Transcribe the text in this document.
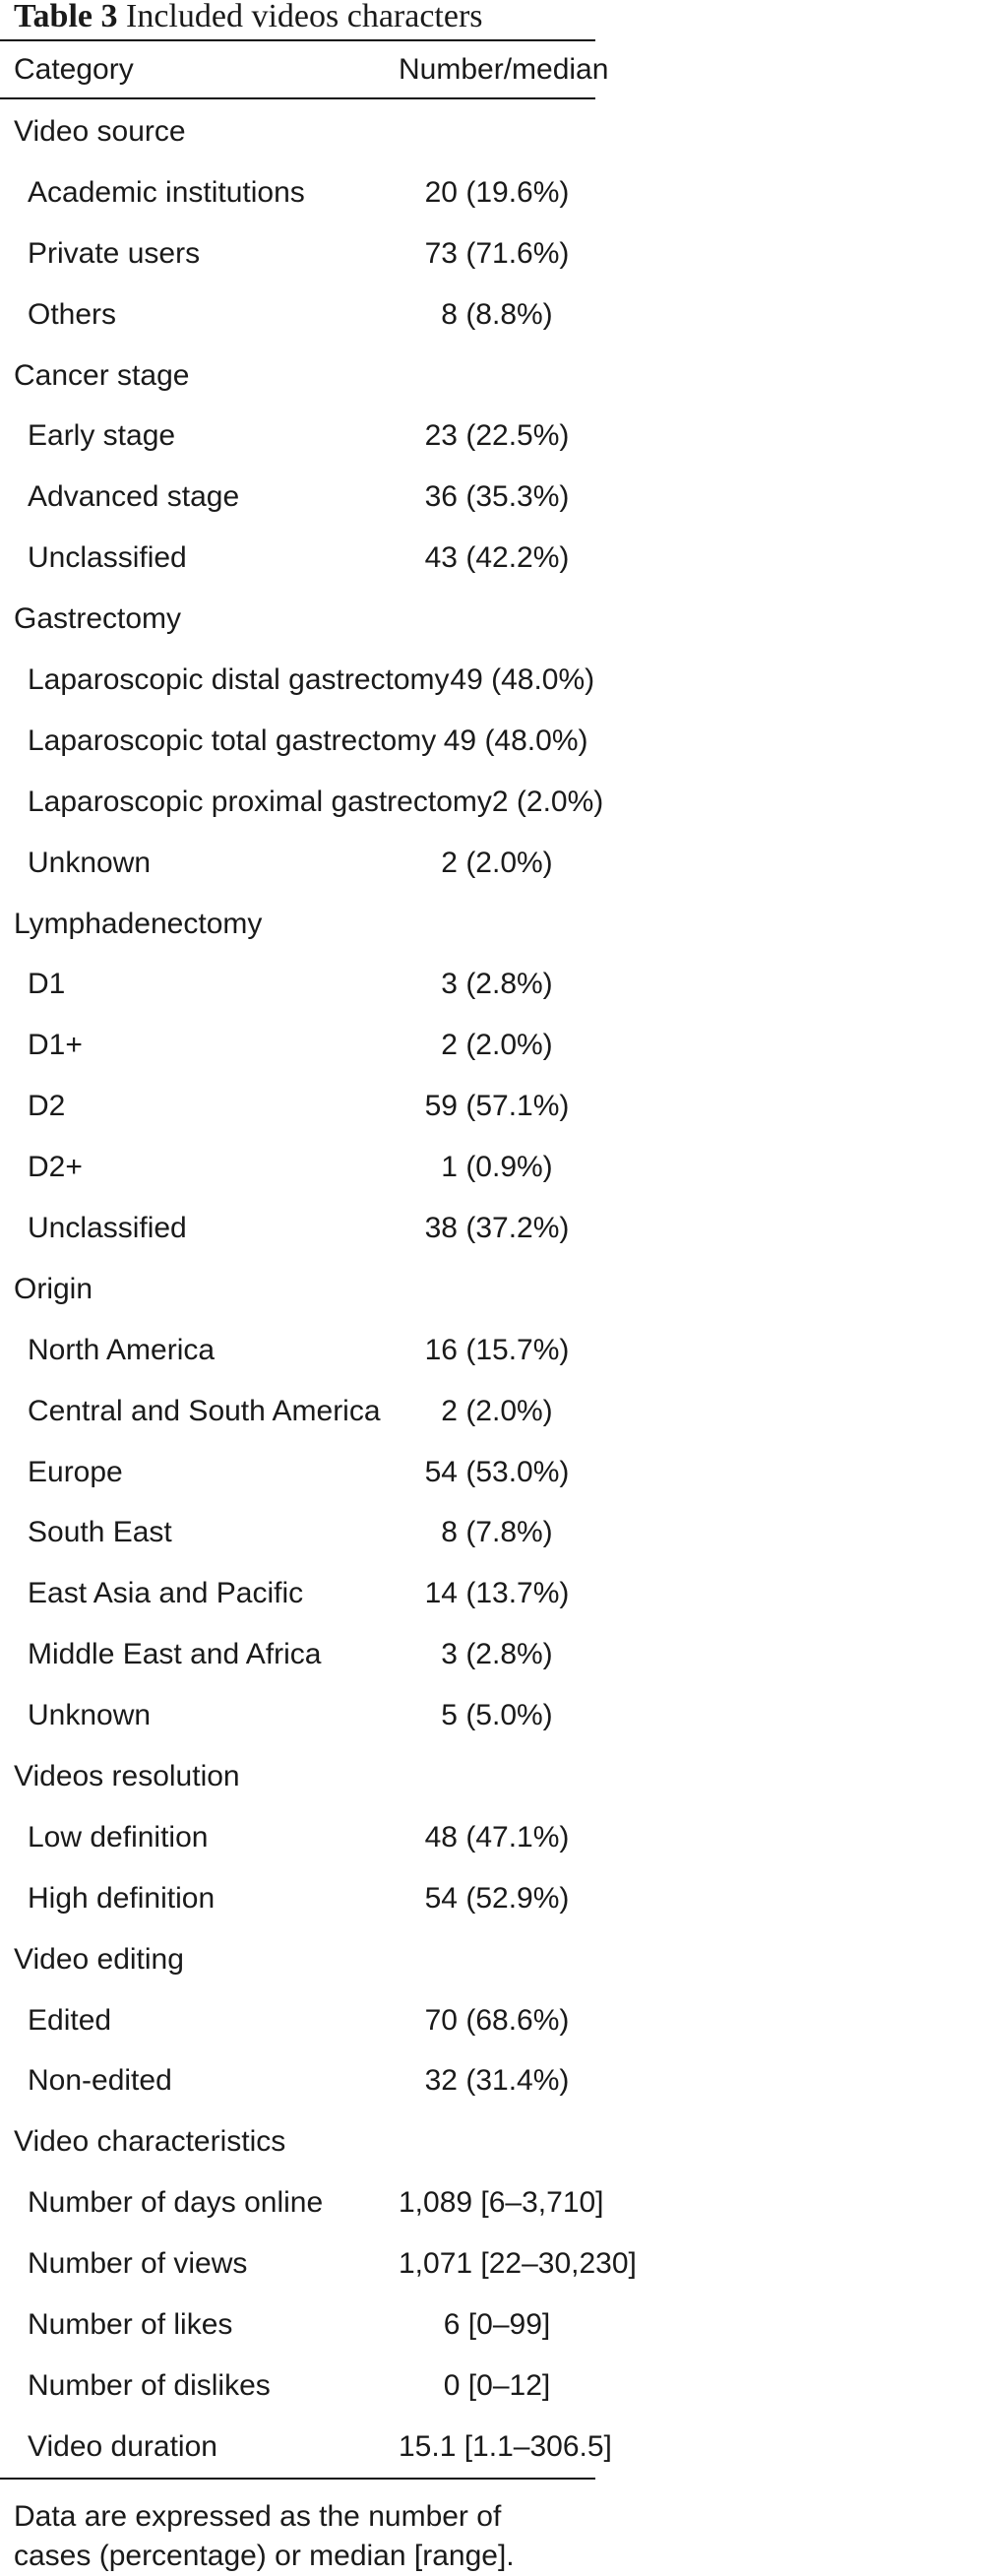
Table 3 Included videos characters
Category	Number/median
Video source
Academic institutions	20 (19.6%)
Private users	73 (71.6%)
Others	8 (8.8%)
Cancer stage
Early stage	23 (22.5%)
Advanced stage	36 (35.3%)
Unclassified	43 (42.2%)
Gastrectomy
Laparoscopic distal gastrectomy 49 (48.0%)
Laparoscopic total gastrectomy 49 (48.0%)
Laparoscopic proximal gastrectomy 2 (2.0%)
Unknown	2 (2.0%)
Lymphadenectomy
D1	3 (2.8%)
D1+	2 (2.0%)
D2	59 (57.1%)
D2+	1 (0.9%)
Unclassified	38 (37.2%)
Origin
North America	16 (15.7%)
Central and South America	2 (2.0%)
Europe	54 (53.0%)
South East	8 (7.8%)
East Asia and Pacific	14 (13.7%)
Middle East and Africa	3 (2.8%)
Unknown	5 (5.0%)
Videos resolution
Low definition	48 (47.1%)
High definition	54 (52.9%)
Video editing
Edited	70 (68.6%)
Non-edited	32 (31.4%)
Video characteristics
Number of days online	1,089 [6–3,710]
Number of views	1,071 [22–30,230]
Number of likes	6 [0–99]
Number of dislikes	0 [0–12]
Video duration	15.1 [1.1–306.5]
Data are expressed as the number of cases (percentage) or median [range].
